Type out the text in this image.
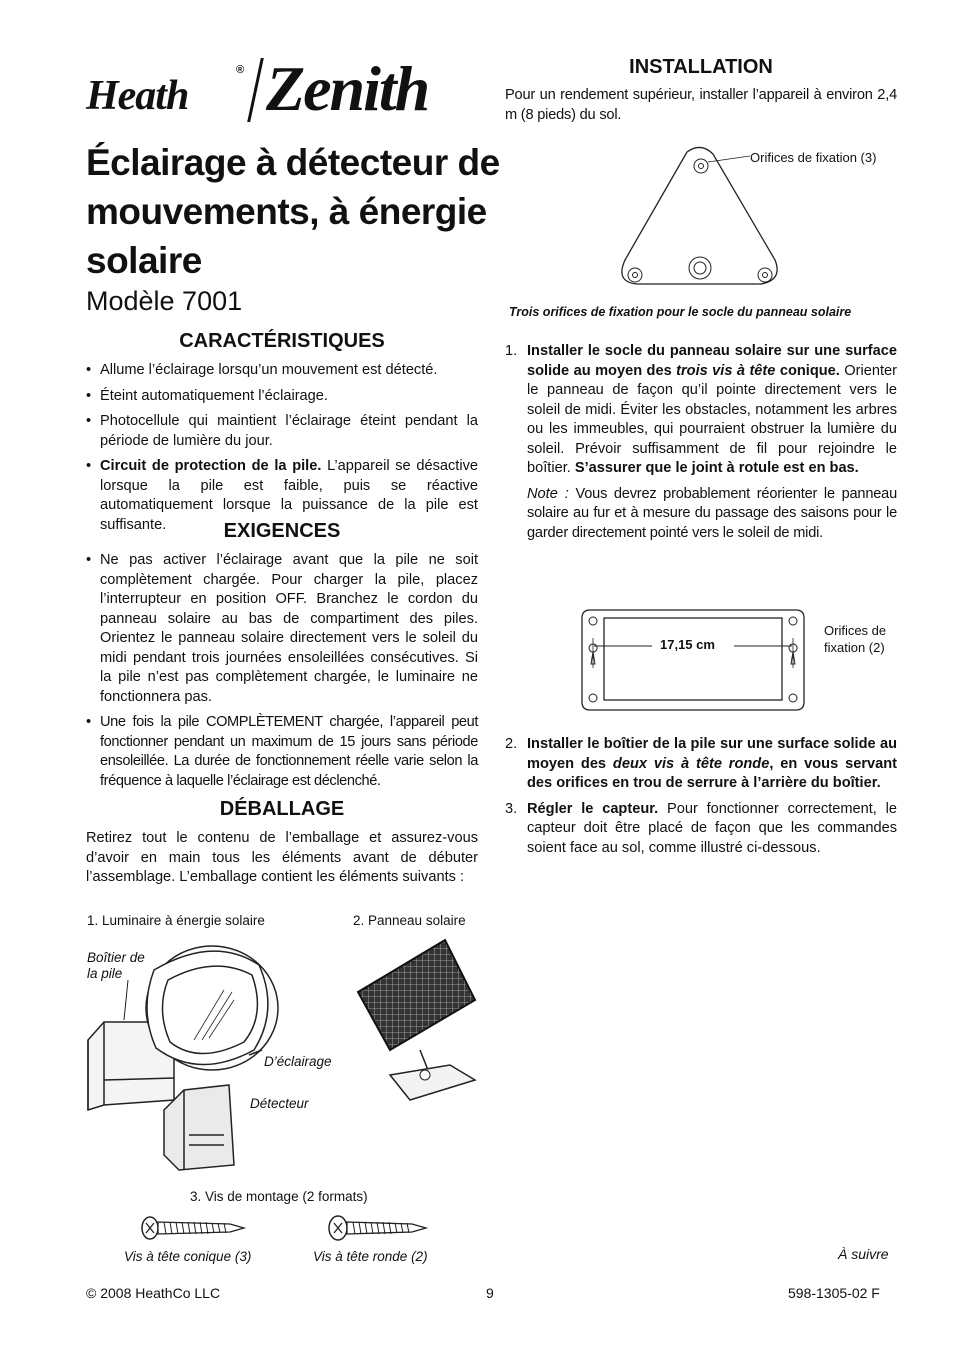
Heath
® Zenith
Éclairage à détecteur de mouvements, à énergie solaire
Modèle 7001
CARACTÉRISTIQUES
• Allume l’éclairage lorsqu’un mouvement est détecté.
• Éteint automatiquement l’éclairage.
• Photocellule qui maintient l’éclairage éteint pendant la période de lumière du jour.
• Circuit de protection de la pile. L’appareil se désactive lorsque la pile est faible, puis se réactive automatiquement lorsque la puissance de la pile est suffisante.	EXIGENCES
• Ne pas activer l’éclairage avant que la pile ne soit complètement chargée. Pour charger la pile, placez l’interrupteur en position OFF. Branchez le cordon du panneau solaire au bas de compartiment des piles. Orientez le panneau solaire directement vers le soleil du midi pendant trois journées ensoleillées consécutives. Si la pile n’est pas complètement chargée, le luminaire ne fonctionnera pas.
• Une fois la pile COMPLÈTEMENT chargée, l’appareil peut fonctionner pendant un maximum de 15 jours sans période ensoleillée. La durée de fonctionnement réelle varie selon la fréquence à laquelle l’éclairage est déclenché.
DÉBALLAGE

Retirez tout le contenu de l’emballage et assurez-vous d’avoir en main tous les éléments avant de débuter l’assemblage. L’emballage contient les éléments suivants :

1. Luminaire à énergie solaire	2. Panneau solaire
Boîtier de la pile
D’éclairage
Détecteur
3. Vis de montage (2 formats)
Vis à tête conique (3)	Vis à tête ronde (2)
INSTALLATION

Pour un rendement supérieur, installer l’appareil à environ 2,4 m (8 pieds) du sol.

Orifices de fixation (3)
Trois orifices de fixation pour le socle du panneau solaire
1. Installer le socle du panneau solaire sur une surface solide au moyen des trois vis à tête conique. Orienter le panneau de façon qu’il pointe directement vers le soleil de midi. Éviter les obstacles, notamment les arbres ou les immeubles, qui pourraient obstruer la lumière du soleil. Prévoir suffisamment de fil pour rejoindre le boîtier. S’assurer que le joint à rotule est en bas.
Note : Vous devrez probablement réorienter le panneau solaire au fur et à mesure du passage des saisons pour le garder directement pointé vers le soleil de midi.
17,15 cm
Orifices de fixation (2)
2. Installer le boîtier de la pile sur une surface solide au moyen des deux vis à tête ronde, en vous servant des orifices en trou de serrure à l’arrière du boîtier.
3. Régler le capteur. Pour fonctionner correctement, le capteur doit être placé de façon que les commandes soient face au sol, comme illustré ci-dessous.
À suivre
© 2008 HeathCo LLC	9	598-1305-02 F
